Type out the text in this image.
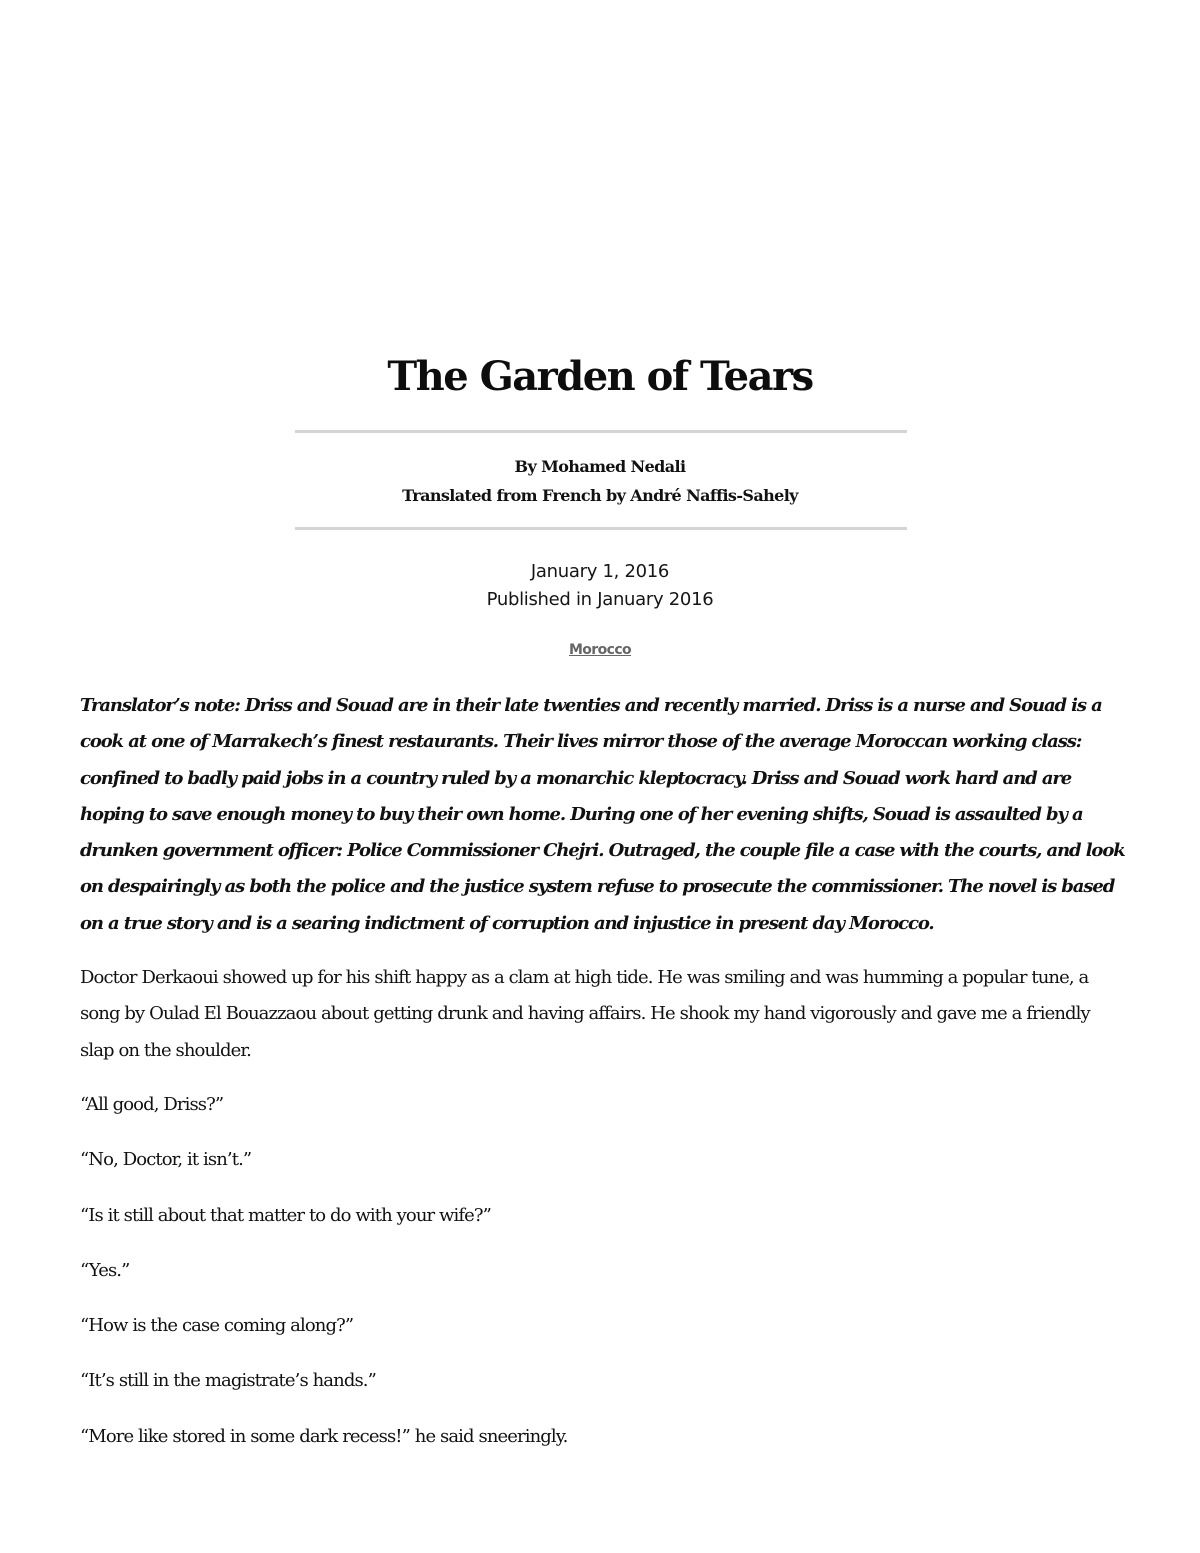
The Garden of Tears
By Mohamed Nedali
Translated from French by André Naffis-Sahely
January 1, 2016
Published in January 2016
Morocco

Translator’s note: Driss and Souad are in their late twenties and recently married. Driss is a nurse and Souad is a cook at one of Marrakech’s finest restaurants. Their lives mirror those of the average Moroccan working class: confined to badly paid jobs in a country ruled by a monarchic kleptocracy. Driss and Souad work hard and are hoping to save enough money to buy their own home. During one of her evening shifts, Souad is assaulted by a drunken government officer: Police Commissioner Chejri. Outraged, the couple file a case with the courts, and look on despairingly as both the police and the justice system refuse to prosecute the commissioner. The novel is based on a true story and is a searing indictment of corruption and injustice in present day Morocco.

Doctor Derkaoui showed up for his shift happy as a clam at high tide. He was smiling and was humming a popular tune, a song by Oulad El Bouazzaou about getting drunk and having affairs. He shook my hand vigorously and gave me a friendly slap on the shoulder.

“All good, Driss?”

“No, Doctor, it isn’t.”

“Is it still about that matter to do with your wife?”

“Yes.”

“How is the case coming along?”

“It’s still in the magistrate’s hands.”

“More like stored in some dark recess!” he said sneeringly.
